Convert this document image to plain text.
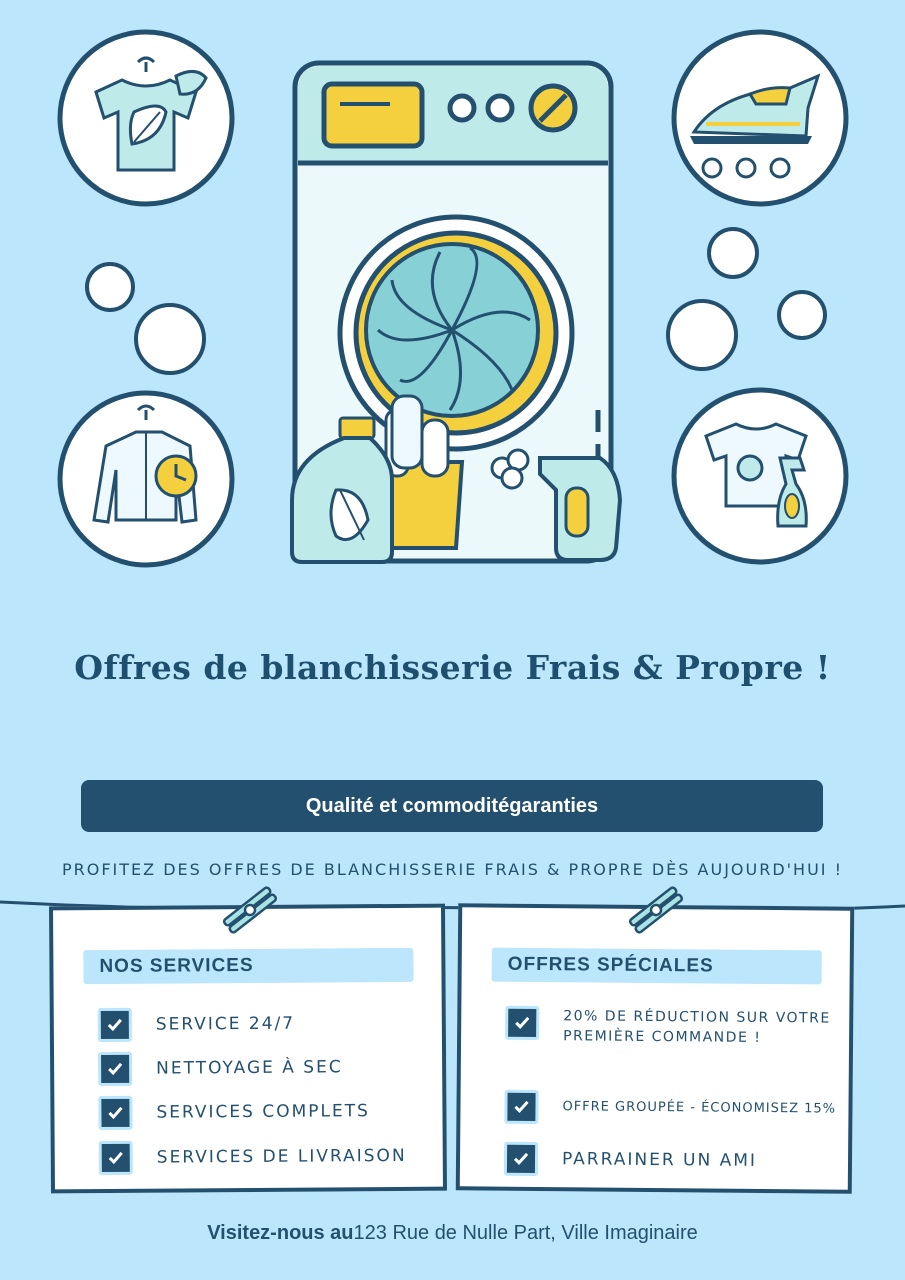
Offres de blanchisserie Frais & Propre !
Qualité et commoditégaranties
PROFITEZ DES OFFRES DE BLANCHISSERIE FRAIS & PROPRE DÈS AUJOURD'HUI !
NOS SERVICES
SERVICE 24/7
NETTOYAGE À SEC
SERVICES COMPLETS
SERVICES DE LIVRAISON
OFFRES SPÉCIALES
20% DE RÉDUCTION SUR VOTRE PREMIÈRE COMMANDE !
OFFRE GROUPÉE - ÉCONOMISEZ 15%
PARRAINER UN AMI
Visitez-nous au123 Rue de Nulle Part, Ville Imaginaire
